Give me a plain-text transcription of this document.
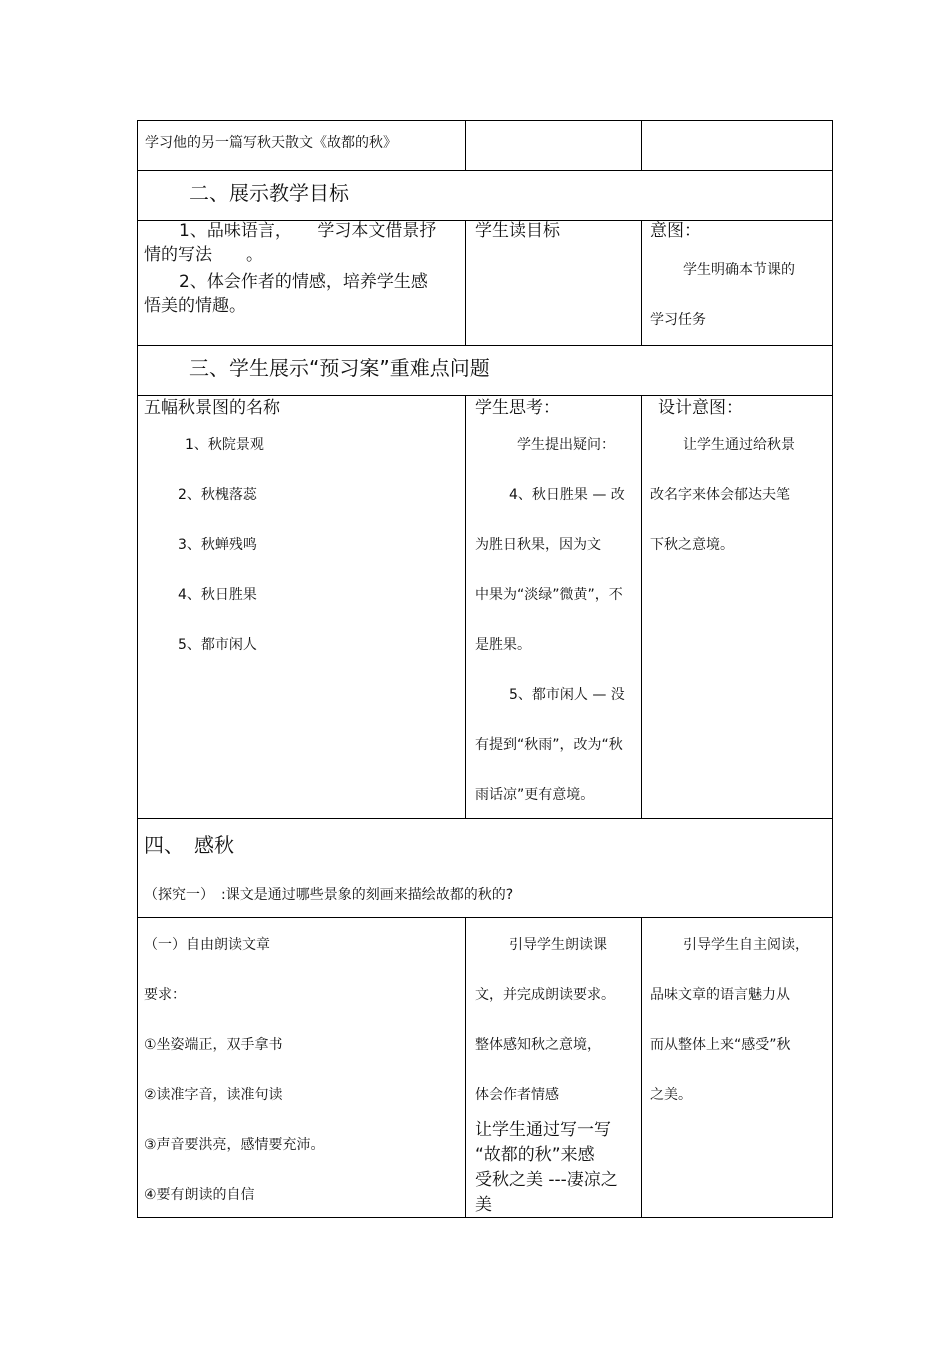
学习他的另一篇写秋天散文《故都的秋》
二、展示教学目标
1、品味语言，　　学习本文借景抒
情的写法　　。
2、体会作者的情感，培养学生感
悟美的情趣。
学生读目标	意图：
学生明确本节课的
学习任务
三、学生展示“预习案”重难点问题
五幅秋景图的名称
1、秋院景观
2、秋槐落蕊
3、秋蝉残鸣
4、秋日胜果
5、都市闲人
学生思考：
学生提出疑问：
4、秋日胜果 — 改
为胜日秋果，因为文
中果为“淡绿”微黄”，不
是胜果。
5、都市闲人 — 没
有提到“秋雨”，改为“秋
雨话凉”更有意境。
设计意图：
让学生通过给秋景
改名字来体会郁达夫笔
下秋之意境。
四、　感秋
（探究一）　:课文是通过哪些景象的刻画来描绘故都的秋的?
（一）自由朗读文章
要求：
①坐姿端正，双手拿书
②读准字音，读准句读
③声音要洪亮，感情要充沛。
④要有朗读的自信
引导学生朗读课
文，并完成朗读要求。
整体感知秋之意境，
体会作者情感
让学生通过写一写
“故都的秋”来感
受秋之美 ---凄凉之
美
引导学生自主阅读，
品味文章的语言魅力从
而从整体上来“感受”秋
之美。
